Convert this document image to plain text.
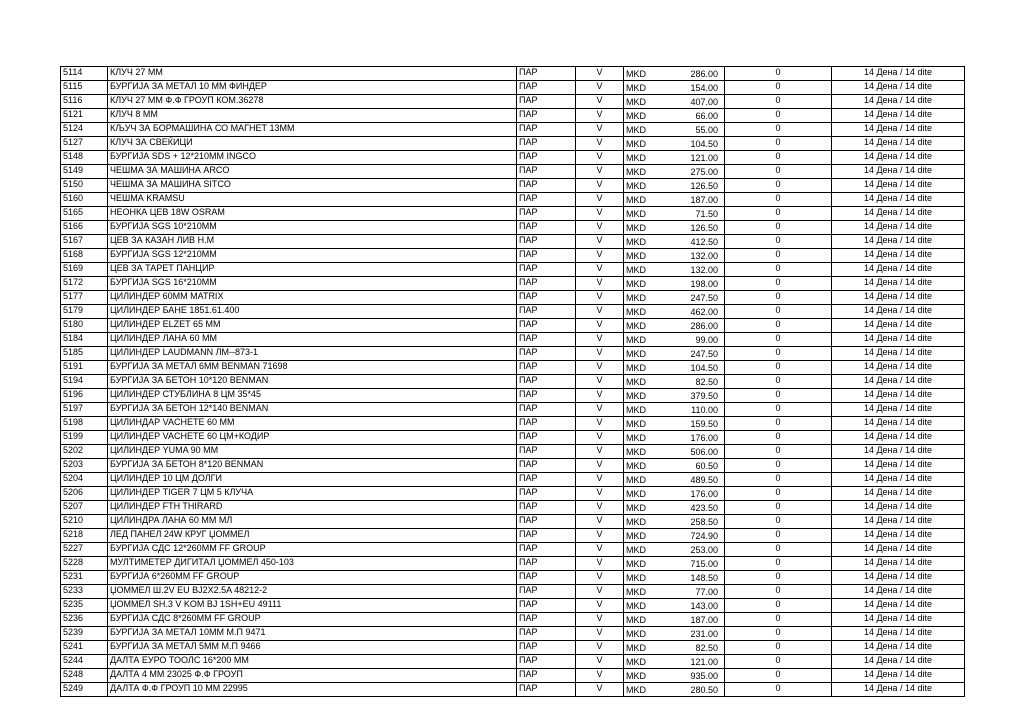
5114	КЛУЧ 27 ММ	ПАР	V	MKD 286.00	0	14 Дена / 14 dite
5115	БУРГИЈА ЗА МЕТАЛ 10 ММ ФИНДЕР	ПАР	V	MKD 154.00	0	14 Дена / 14 dite
5116	КЛУЧ 27 ММ Ф.Ф ГРОУП КОМ.36278	ПАР	V	MKD 407.00	0	14 Дена / 14 dite
5121	КЛУЧ 8 ММ	ПАР	V	MKD 66.00	0	14 Дена / 14 dite
5124	КЉУЧ ЗА БОРМАШИНА СО МАГНЕТ 13ММ	ПАР	V	MKD 55.00	0	14 Дена / 14 dite
5127	КЛУЧ ЗА СВЕЌИЦИ	ПАР	V	MKD 104.50	0	14 Дена / 14 dite
5148	БУРГИЈА SDS + 12*210MM INGCO	ПАР	V	MKD 121.00	0	14 Дена / 14 dite
5149	ЧЕШМА ЗА МАШИНА ARCO	ПАР	V	MKD 275.00	0	14 Дена / 14 dite
5150	ЧЕШМА ЗА МАШИНА SITCO	ПАР	V	MKD 126.50	0	14 Дена / 14 dite
5160	ЧЕШМА KRAMSU	ПАР	V	MKD 187.00	0	14 Дена / 14 dite
5165	НЕОНКА ЦЕВ 18W OSRAM	ПАР	V	MKD 71.50	0	14 Дена / 14 dite
5166	БУРГИЈА SGS 10*210ММ	ПАР	V	MKD 126.50	0	14 Дена / 14 dite
5167	ЦЕВ ЗА КАЗАН ЛИВ Н.М	ПАР	V	MKD 412.50	0	14 Дена / 14 dite
5168	БУРГИЈА SGS 12*210ММ	ПАР	V	MKD 132.00	0	14 Дена / 14 dite
5169	ЦЕВ ЗА ТАРЕТ ПАНЦИР	ПАР	V	MKD 132.00	0	14 Дена / 14 dite
5172	БУРГИЈА SGS 16*210ММ	ПАР	V	MKD 198.00	0	14 Дена / 14 dite
5177	ЦИЛИНДЕР 60ММ MATRIX	ПАР	V	MKD 247.50	0	14 Дена / 14 dite
5179	ЦИЛИНДЕР БАНЕ 1851.61.400	ПАР	V	MKD 462.00	0	14 Дена / 14 dite
5180	ЦИЛИНДЕР ELZET 65 MM	ПАР	V	MKD 286.00	0	14 Дена / 14 dite
5184	ЦИЛИНДЕР ЛАНА 60 ММ	ПАР	V	MKD 99.00	0	14 Дена / 14 dite
5185	ЦИЛИНДЕР LAUDMANN ЛМ--873-1	ПАР	V	MKD 247.50	0	14 Дена / 14 dite
5191	БУРГИЈА ЗА МЕТАЛ 6ММ BENMAN 71698	ПАР	V	MKD 104.50	0	14 Дена / 14 dite
5194	БУРГИЈА ЗА БЕТОН 10*120 BENMAN	ПАР	V	MKD 82.50	0	14 Дена / 14 dite
5196	ЦИЛИНДЕР СТУБЛИНА 8 ЦМ 35*45	ПАР	V	MKD 379.50	0	14 Дена / 14 dite
5197	БУРГИЈА ЗА БЕТОН 12*140 BENMAN	ПАР	V	MKD 110.00	0	14 Дена / 14 dite
5198	ЦИЛИНДАР VACHETE 60 MM	ПАР	V	MKD 159.50	0	14 Дена / 14 dite
5199	ЦИЛИНДЕР VACHETE 60 ЦМ+КОДИР	ПАР	V	MKD 176.00	0	14 Дена / 14 dite
5202	ЦИЛИНДЕР YUMA 90 MM	ПАР	V	MKD 506.00	0	14 Дена / 14 dite
5203	БУРГИЈА ЗА БЕТОН 8*120 BENMAN	ПАР	V	MKD 60.50	0	14 Дена / 14 dite
5204	ЦИЛИНДЕР 10 ЦМ ДОЛГИ	ПАР	V	MKD 489.50	0	14 Дена / 14 dite
5206	ЦИЛИНДЕР TIGER 7 ЦМ 5 КЛУЧА	ПАР	V	MKD 176.00	0	14 Дена / 14 dite
5207	ЦИЛИНДЕР FTH THIRARD	ПАР	V	MKD 423.50	0	14 Дена / 14 dite
5210	ЦИЛИНДРА ЛАНА 60 ММ МЛ	ПАР	V	MKD 258.50	0	14 Дена / 14 dite
5218	ЛЕД ПАНЕЛ 24W КРУГ ЏОММЕЛ	ПАР	V	MKD 724.90	0	14 Дена / 14 dite
5227	БУРГИЈА СДС 12*260ММ FF GROUP	ПАР	V	MKD 253.00	0	14 Дена / 14 dite
5228	МУЛТИМЕТЕР ДИГИТАЛ ЏОММЕЛ 450-103	ПАР	V	MKD 715.00	0	14 Дена / 14 dite
5231	БУРГИЈА 6*260ММ FF GROUP	ПАР	V	MKD 148.50	0	14 Дена / 14 dite
5233	ЏОММЕЛ Ш.2V EU BJ2X2.5A 48212-2	ПАР	V	MKD 77.00	0	14 Дена / 14 dite
5235	ЏОММЕЛ SH.3 V KOM BJ 1SH+EU 49111	ПАР	V	MKD 143.00	0	14 Дена / 14 dite
5236	БУРГИЈА СДС 8*260ММ FF GROUP	ПАР	V	MKD 187.00	0	14 Дена / 14 dite
5239	БУРГИЈА ЗА МЕТАЛ 10ММ М.П 9471	ПАР	V	MKD 231.00	0	14 Дена / 14 dite
5241	БУРГИЈА ЗА МЕТАЛ 5ММ М.П 9466	ПАР	V	MKD 82.50	0	14 Дена / 14 dite
5244	ДАЛТА ЕУРО ТООЛС 16*200 ММ	ПАР	V	MKD 121.00	0	14 Дена / 14 dite
5248	ДАЛТА 4 ММ 23025 Ф.Ф ГРОУП	ПАР	V	MKD 935.00	0	14 Дена / 14 dite
5249	ДАЛТА Ф.Ф ГРОУП 10 ММ 22995	ПАР	V	MKD 280.50	0	14 Дена / 14 dite
